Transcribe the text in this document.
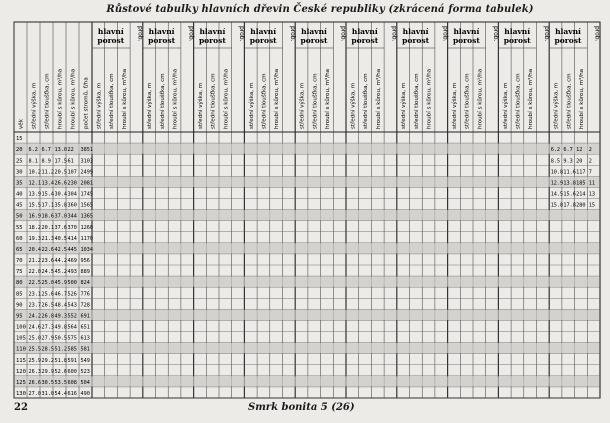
Růstové tabulky hlavních dřevin České republiky (zkrácená forma tabulek)
hlavní
porost prob.
střední výška, m střední tloušťka, cm hroubí s kůrou, m³/ha
hlavní
porost prob.
střední výška, m střední tloušťka, cm hroubí s kůrou, m³/ha
hlavní
porost prob.
střední výška, m střední tloušťka, cm hroubí s kůrou, m³/ha
hlavní
porost prob.
střední výška, m střední tloušťka, cm hroubí s kůrou, m³/ha
hlavní
porost prob.
střední výška, m střední tloušťka, cm hroubí s kůrou, m³/ha
hlavní
porost prob.
střední výška, m střední tloušťka, cm hroubí s kůrou, m³/ha
hlavní
porost prob.
střední výška, m střední tloušťka, cm hroubí s kůrou, m³/ha
hlavní
porost prob.
střední výška, m střední tloušťka, cm hroubí s kůrou, m³/ha
hlavní
porost prob.
střední výška, m střední tloušťka, cm hroubí s kůrou, m³/ha
hlavní
porost prob.
střední výška, m střední tloušťka, cm hroubí s kůrou, m³/ha
věk střední výška, m střední tloušťka, cm hroubí s kůrou, m³/ha hroubí s kůrou, m³/ha počet stromů, ť/ha
15
20 6.2 6.7 13.0 22 3851
25 8.1 8.9 17.5 61 3103
30 10.2 11.2 20.5 107 2499
35 12.1 13.4 26.6 230 2081
40 13.9 15.4 30.4 304 1745
45 15.5 17.1 35.8 360 1565
50 16.9 18.6 37.0 344 1365
55 18.2 20.1 37.6 370 1260
60 19.3 21.3 40.5 414 1170
65 20.4 22.6 42.5 445 1034
70 21.2 23.6 44.2 469 956
75 22.0 24.5 45.2 493 889
80 22.5 25.0 45.9 500 824
85 23.1 25.6 46.7 526 776
90 23.7 26.5 48.4 543 728
95 24.2 26.8 49.3 552 691
100 24.6 27.3 49.8 564 651
105 25.0 27.9 50.5 575 613
110 25.5 28.5 51.2 585 581
115 25.9 29.2 51.8 591 549
120 26.3 29.9 52.6 600 523
125 26.6 30.5 53.5 608 504
130 27.0 31.0 54.4 616 490
6.2 6.7 12 2
8.5 9.3 20 2
10.8 11.6 117 7
12.9 13.8 185 11
14.5 15.6 214 13
15.8 17.8 280 15
22	Smrk bonita 5 (26)
